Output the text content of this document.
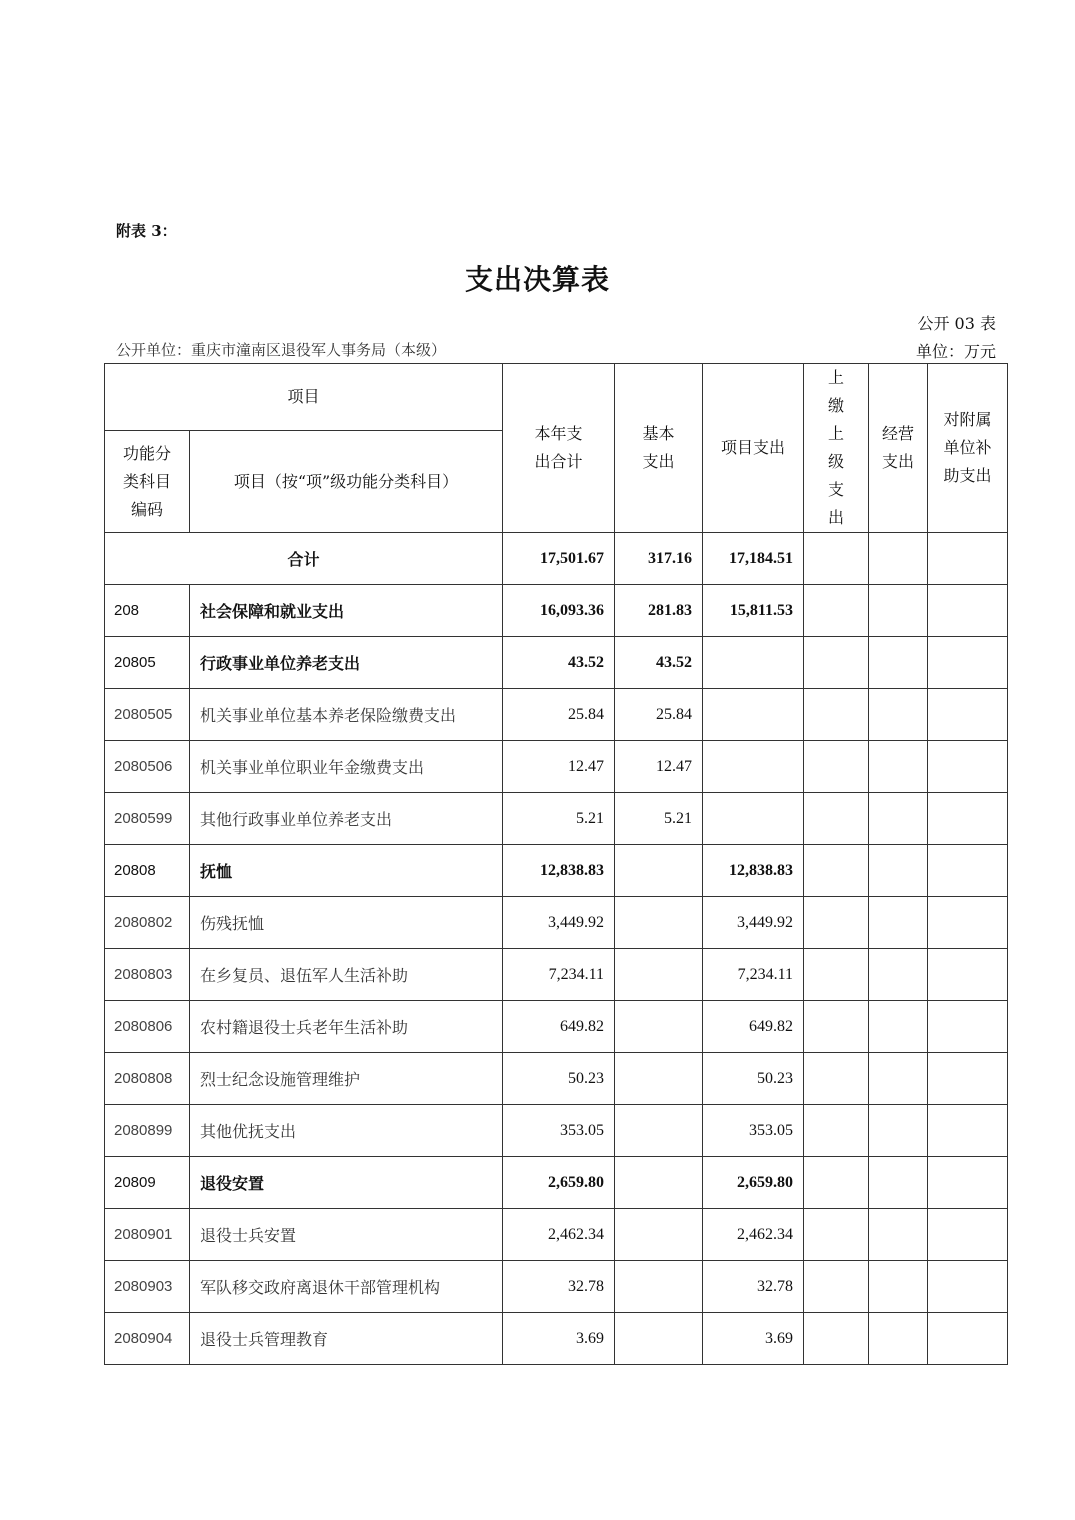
附表 3：
支出决算表
公开 03 表
公开单位：重庆市潼南区退役军人事务局（本级）	单位：万元
项目		本年支出合计	基本支出	项目支出	上缴上级支出	经营支出	对附属单位补助支出

功能分类科目编码	项目（按“项”级功能分类科目）						
合计		17,501.67	317.16	17,184.51			
208	社会保障和就业支出	16,093.36	281.83	15,811.53			
20805	行政事业单位养老支出	43.52	43.52				
2080505	机关事业单位基本养老保险缴费支出	25.84	25.84				
2080506	机关事业单位职业年金缴费支出	12.47	12.47				
2080599	其他行政事业单位养老支出	5.21	5.21				
20808	抚恤	12,838.83		12,838.83			
2080802	伤残抚恤	3,449.92		3,449.92			
2080803	在乡复员、退伍军人生活补助	7,234.11		7,234.11			
2080806	农村籍退役士兵老年生活补助	649.82		649.82			
2080808	烈士纪念设施管理维护	50.23		50.23			
2080899	其他优抚支出	353.05		353.05			
20809	退役安置	2,659.80		2,659.80			
2080901	退役士兵安置	2,462.34		2,462.34			
2080903	军队移交政府离退休干部管理机构	32.78		32.78			
2080904	退役士兵管理教育	3.69		3.69			
